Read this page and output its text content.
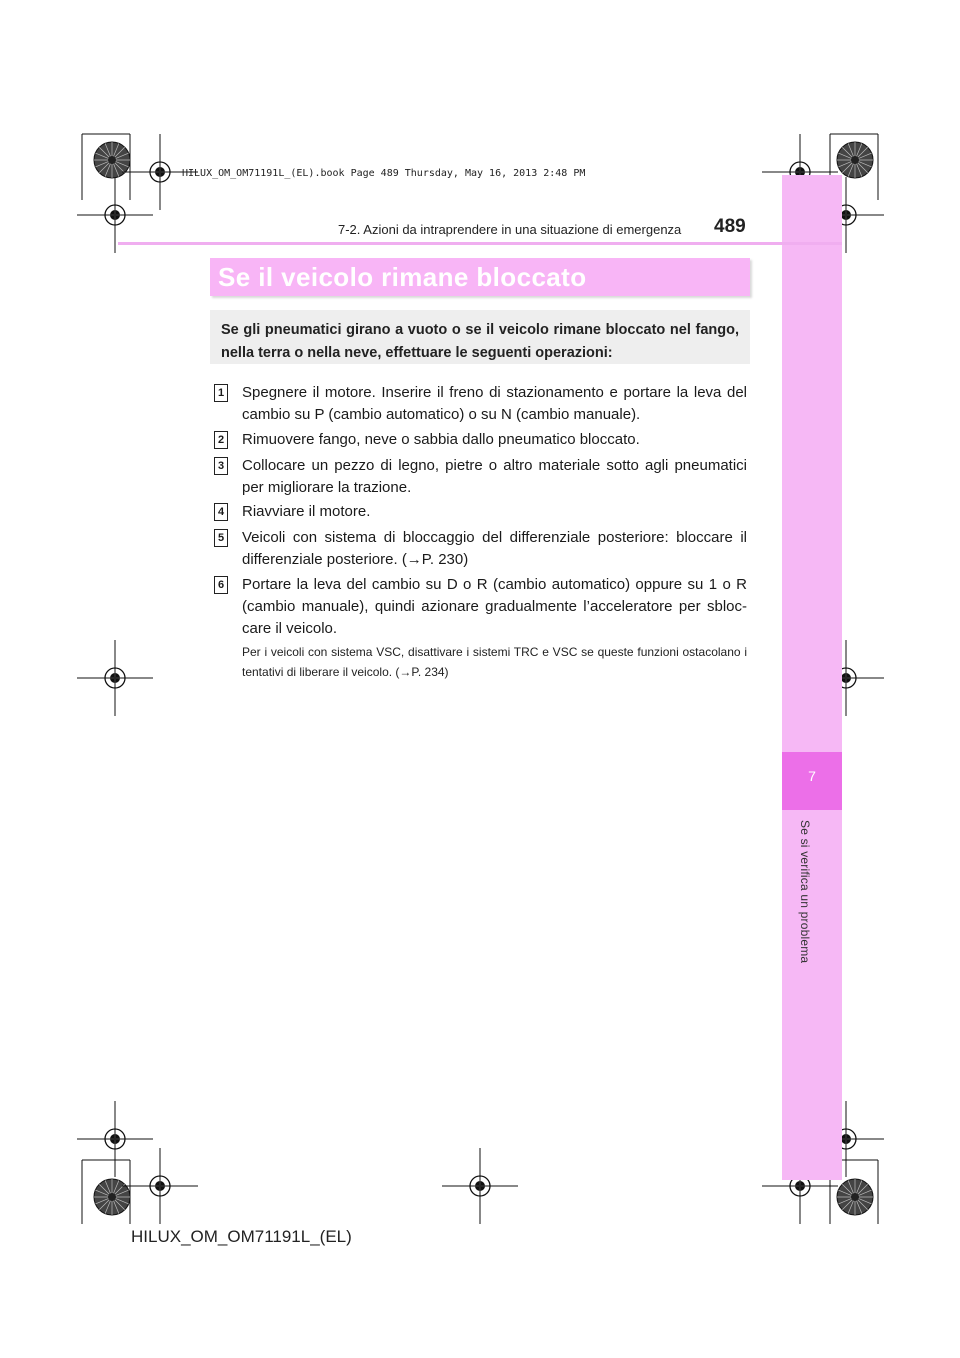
7
Se si verifica un problema
HILUX_OM_OM71191L_(EL).book Page 489 Thursday, May 16, 2013 2:48 PM
7-2. Azioni da intraprendere in una situazione di emergenza 489
Se il veicolo rimane bloccato
Se gli pneumatici girano a vuoto o se il veicolo rimane bloccato nel fango, nella terra o nella neve, effettuare le seguenti operazioni:
1 Spegnere il motore. Inserire il freno di stazionamento e portare la leva del cambio su P (cambio automatico) o su N (cambio manuale).
2 Rimuovere fango, neve o sabbia dallo pneumatico bloccato.
3 Collocare un pezzo di legno, pietre o altro materiale sotto agli pneumatici per migliorare la trazione.
4 Riavviare il motore.
5 Veicoli con sistema di bloccaggio del differenziale posteriore: bloccare il differenziale posteriore. (→P. 230)
6 Portare la leva del cambio su D o R (cambio automatico) oppure su 1 o R (cambio manuale), quindi azionare gradualmente l’acceleratore per sbloc-care il veicolo.
Per i veicoli con sistema VSC, disattivare i sistemi TRC e VSC se queste funzioni ostacolano i tentativi di liberare il veicolo. (→P. 234)
HILUX_OM_OM71191L_(EL)
